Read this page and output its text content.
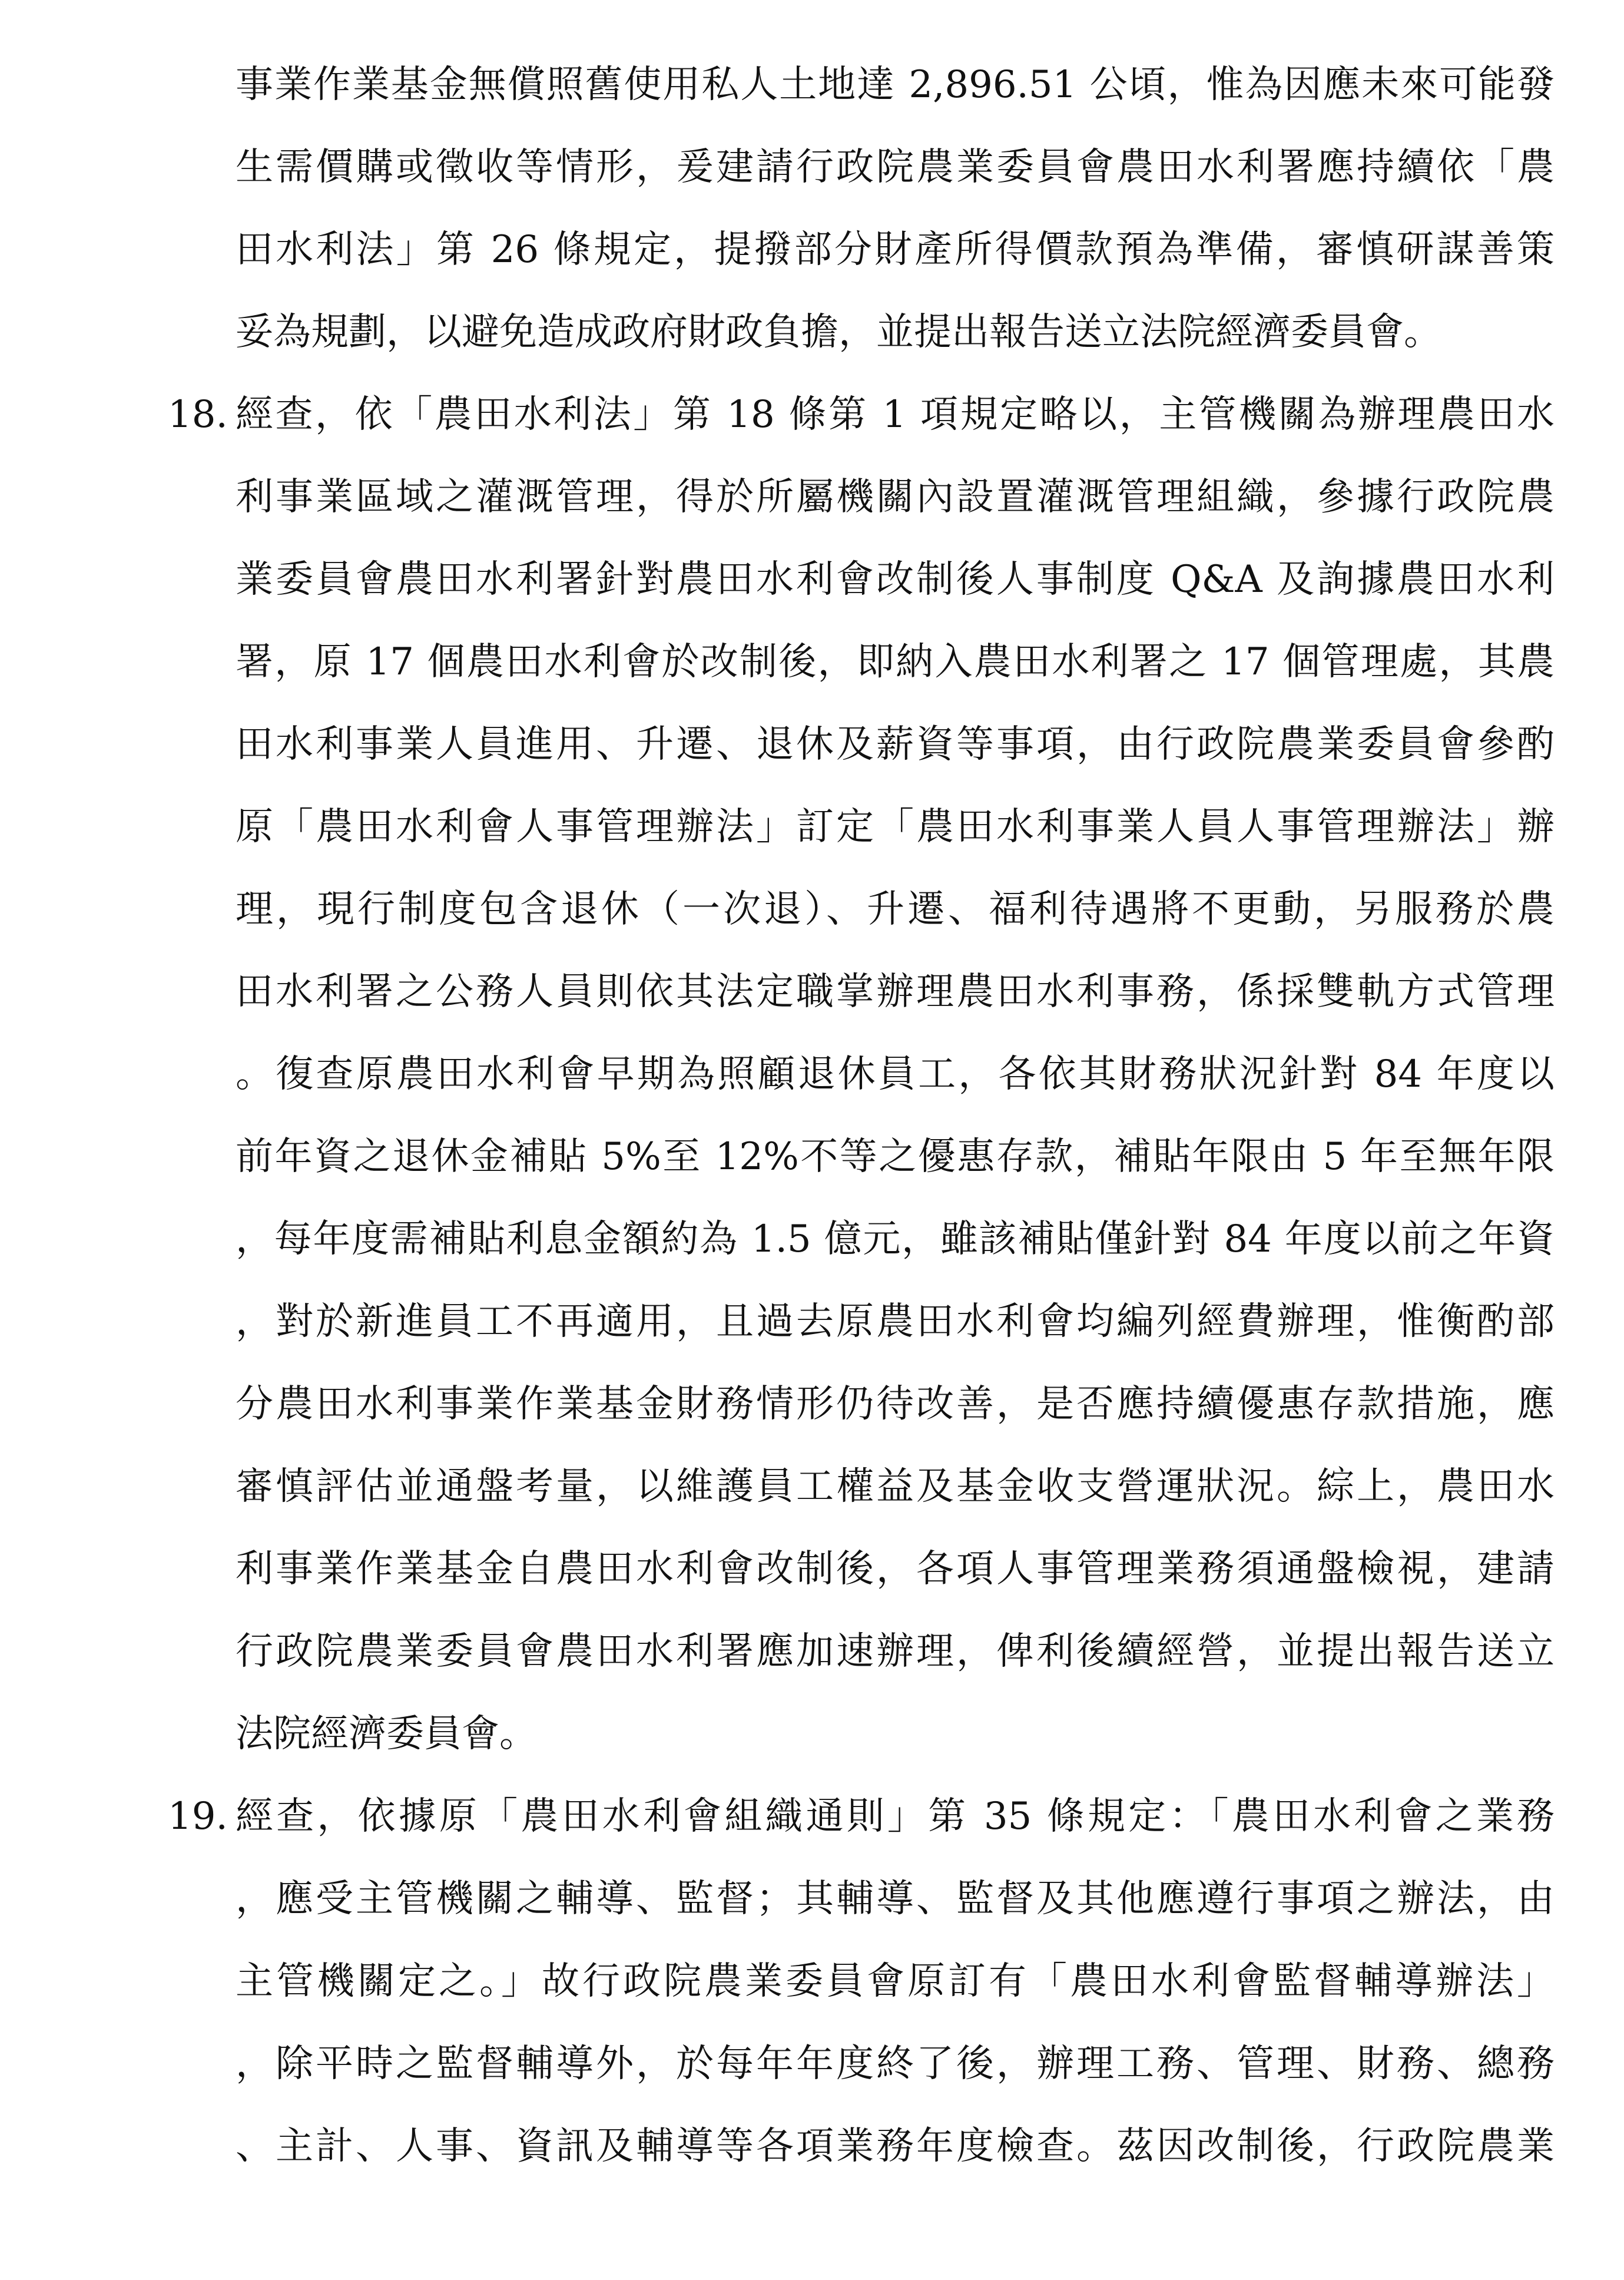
事業作業基金無償照舊使用私人土地達 2,896.51 公頃，惟為因應未來可能發
生需價購或徵收等情形，爰建請行政院農業委員會農田水利署應持續依「農
田水利法」第 26 條規定，提撥部分財產所得價款預為準備，審慎研謀善策
妥為規劃，以避免造成政府財政負擔，並提出報告送立法院經濟委員會。
18. 經查，依「農田水利法」第 18 條第 1 項規定略以，主管機關為辦理農田水
利事業區域之灌溉管理，得於所屬機關內設置灌溉管理組織，參據行政院農
業委員會農田水利署針對農田水利會改制後人事制度 Q&A 及詢據農田水利
署，原 17 個農田水利會於改制後，即納入農田水利署之 17 個管理處，其農
田水利事業人員進用、升遷、退休及薪資等事項，由行政院農業委員會參酌
原「農田水利會人事管理辦法」訂定「農田水利事業人員人事管理辦法」辦
理，現行制度包含退休（一次退）、升遷、福利待遇將不更動，另服務於農
田水利署之公務人員則依其法定職掌辦理農田水利事務，係採雙軌方式管理
。復查原農田水利會早期為照顧退休員工，各依其財務狀況針對 84 年度以
前年資之退休金補貼 5%至 12%不等之優惠存款，補貼年限由 5 年至無年限
，每年度需補貼利息金額約為 1.5 億元，雖該補貼僅針對 84 年度以前之年資
，對於新進員工不再適用，且過去原農田水利會均編列經費辦理，惟衡酌部
分農田水利事業作業基金財務情形仍待改善，是否應持續優惠存款措施，應
審慎評估並通盤考量，以維護員工權益及基金收支營運狀況。綜上，農田水
利事業作業基金自農田水利會改制後，各項人事管理業務須通盤檢視，建請
行政院農業委員會農田水利署應加速辦理，俾利後續經營，並提出報告送立
法院經濟委員會。
19. 經查，依據原「農田水利會組織通則」第 35 條規定：「農田水利會之業務
，應受主管機關之輔導、監督；其輔導、監督及其他應遵行事項之辦法，由
主管機關定之。」故行政院農業委員會原訂有「農田水利會監督輔導辦法」
，除平時之監督輔導外，於每年年度終了後，辦理工務、管理、財務、總務
、主計、人事、資訊及輔導等各項業務年度檢查。茲因改制後，行政院農業
